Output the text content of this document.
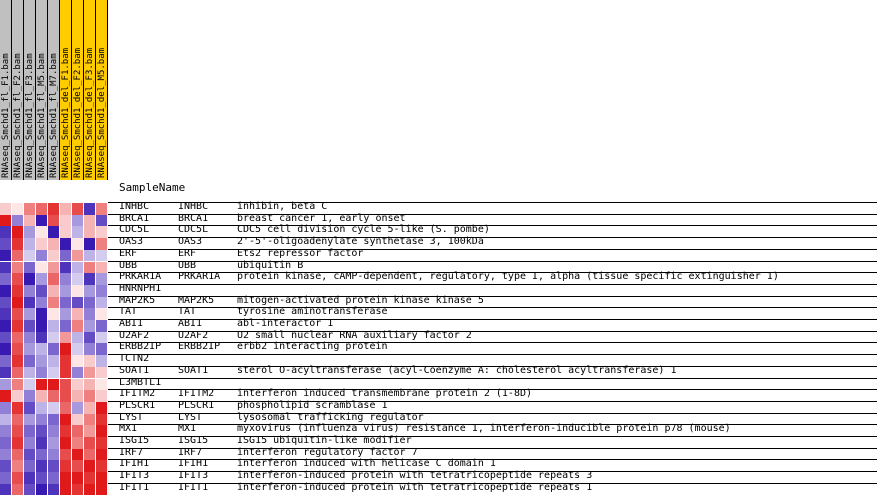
RNAseq_Smchd1_fl_F1.bam RNAseq_Smchd1_fl_F2.bam RNAseq_Smchd1_fl_F3.bam RNAseq_Smchd1_fl_M5.bam RNAseq_Smchd1_fl_M7.bam RNAseq_Smchd1_del_F1.bam RNAseq_Smchd1_del_F2.bam RNAseq_Smchd1_del_F3.bam RNAseq_Smchd1_del_M5.bam
SampleName
INHBC	INHBC	inhibin, beta C
BRCA1	BRCA1	breast cancer 1, early onset
CDC5L	CDC5L	CDC5 cell division cycle 5-like (S. pombe)
OAS3	OAS3	2'-5'-oligoadenylate synthetase 3, 100kDa
ERF	ERF	Ets2 repressor factor
UBB	UBB	ubiquitin B
PRKAR1A PRKAR1A protein kinase, cAMP-dependent, regulatory, type I, alpha (tissue specific extinguisher 1)
HNRNPH1
MAP2K5 MAP2K5 mitogen-activated protein kinase kinase 5
TAT	TAT	tyrosine aminotransferase
ABI1	ABI1	abl-interactor 1
U2AF2	U2AF2	U2 small nuclear RNA auxiliary factor 2
ERBB2IP ERBB2IP erbb2 interacting protein
TCTN2
SOAT1	SOAT1	sterol O-acyltransferase (acyl-Coenzyme A: cholesterol acyltransferase) 1
L3MBTL1
IFITM2 IFITM2 interferon induced transmembrane protein 2 (1-8D)
PLSCR1 PLSCR1 phospholipid scramblase 1
LYST	LYST	lysosomal trafficking regulator
MX1	MX1	myxovirus (influenza virus) resistance 1, interferon-inducible protein p78 (mouse)
ISG15	ISG15	ISG15 ubiquitin-like modifier
IRF7	IRF7	interferon regulatory factor 7
IFIH1	IFIH1	interferon induced with helicase C domain 1
IFIT3	IFIT3	interferon-induced protein with tetratricopeptide repeats 3
IFIT1	IFIT1	interferon-induced protein with tetratricopeptide repeats 1
